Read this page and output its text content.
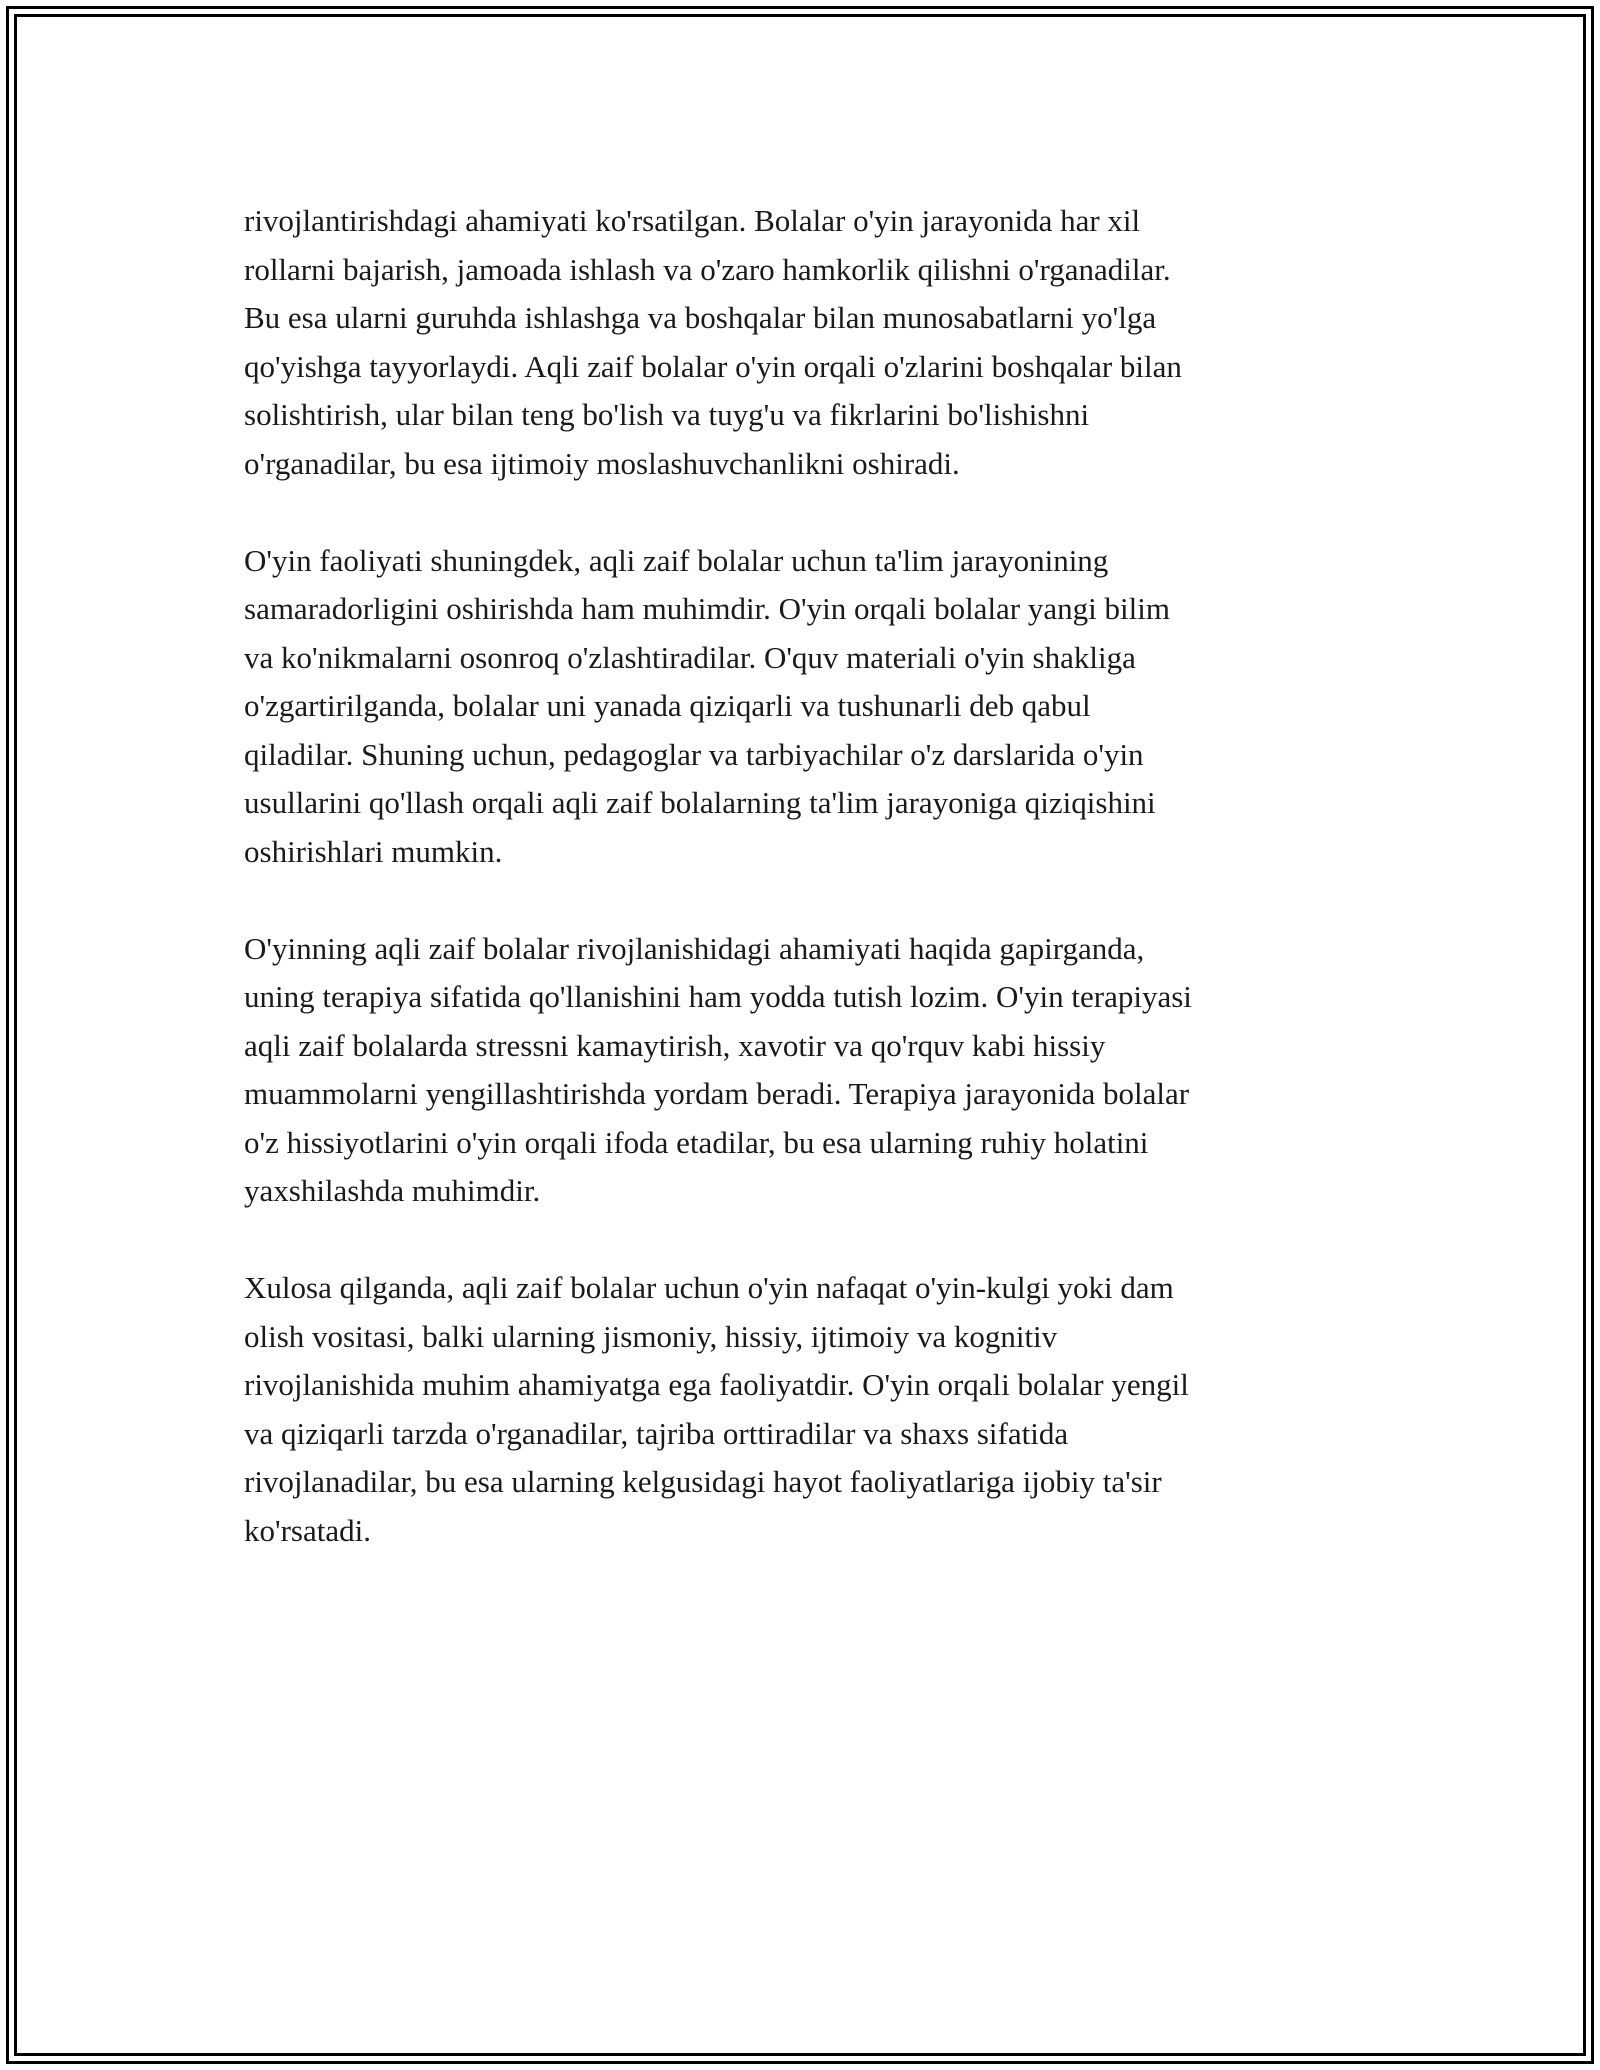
rivojlantirishdagi ahamiyati ko'rsatilgan. Bolalar o'yin jarayonida har xil
rollarni bajarish, jamoada ishlash va o'zaro hamkorlik qilishni o'rganadilar.
Bu esa ularni guruhda ishlashga va boshqalar bilan munosabatlarni yo'lga
qo'yishga tayyorlaydi. Aqli zaif bolalar o'yin orqali o'zlarini boshqalar bilan
solishtirish, ular bilan teng bo'lish va tuyg'u va fikrlarini bo'lishishni
o'rganadilar, bu esa ijtimoiy moslashuvchanlikni oshiradi.

O'yin faoliyati shuningdek, aqli zaif bolalar uchun ta'lim jarayonining
samaradorligini oshirishda ham muhimdir. O'yin orqali bolalar yangi bilim
va ko'nikmalarni osonroq o'zlashtiradilar. O'quv materiali o'yin shakliga
o'zgartirilganda, bolalar uni yanada qiziqarli va tushunarli deb qabul
qiladilar. Shuning uchun, pedagoglar va tarbiyachilar o'z darslarida o'yin
usullarini qo'llash orqali aqli zaif bolalarning ta'lim jarayoniga qiziqishini
oshirishlari mumkin.

O'yinning aqli zaif bolalar rivojlanishidagi ahamiyati haqida gapirganda,
uning terapiya sifatida qo'llanishini ham yodda tutish lozim. O'yin terapiyasi
aqli zaif bolalarda stressni kamaytirish, xavotir va qo'rquv kabi hissiy
muammolarni yengillashtirishda yordam beradi. Terapiya jarayonida bolalar
o'z hissiyotlarini o'yin orqali ifoda etadilar, bu esa ularning ruhiy holatini
yaxshilashda muhimdir.

Xulosa qilganda, aqli zaif bolalar uchun o'yin nafaqat o'yin-kulgi yoki dam
olish vositasi, balki ularning jismoniy, hissiy, ijtimoiy va kognitiv
rivojlanishida muhim ahamiyatga ega faoliyatdir. O'yin orqali bolalar yengil
va qiziqarli tarzda o'rganadilar, tajriba orttiradilar va shaxs sifatida
rivojlanadilar, bu esa ularning kelgusidagi hayot faoliyatlariga ijobiy ta'sir
ko'rsatadi.
